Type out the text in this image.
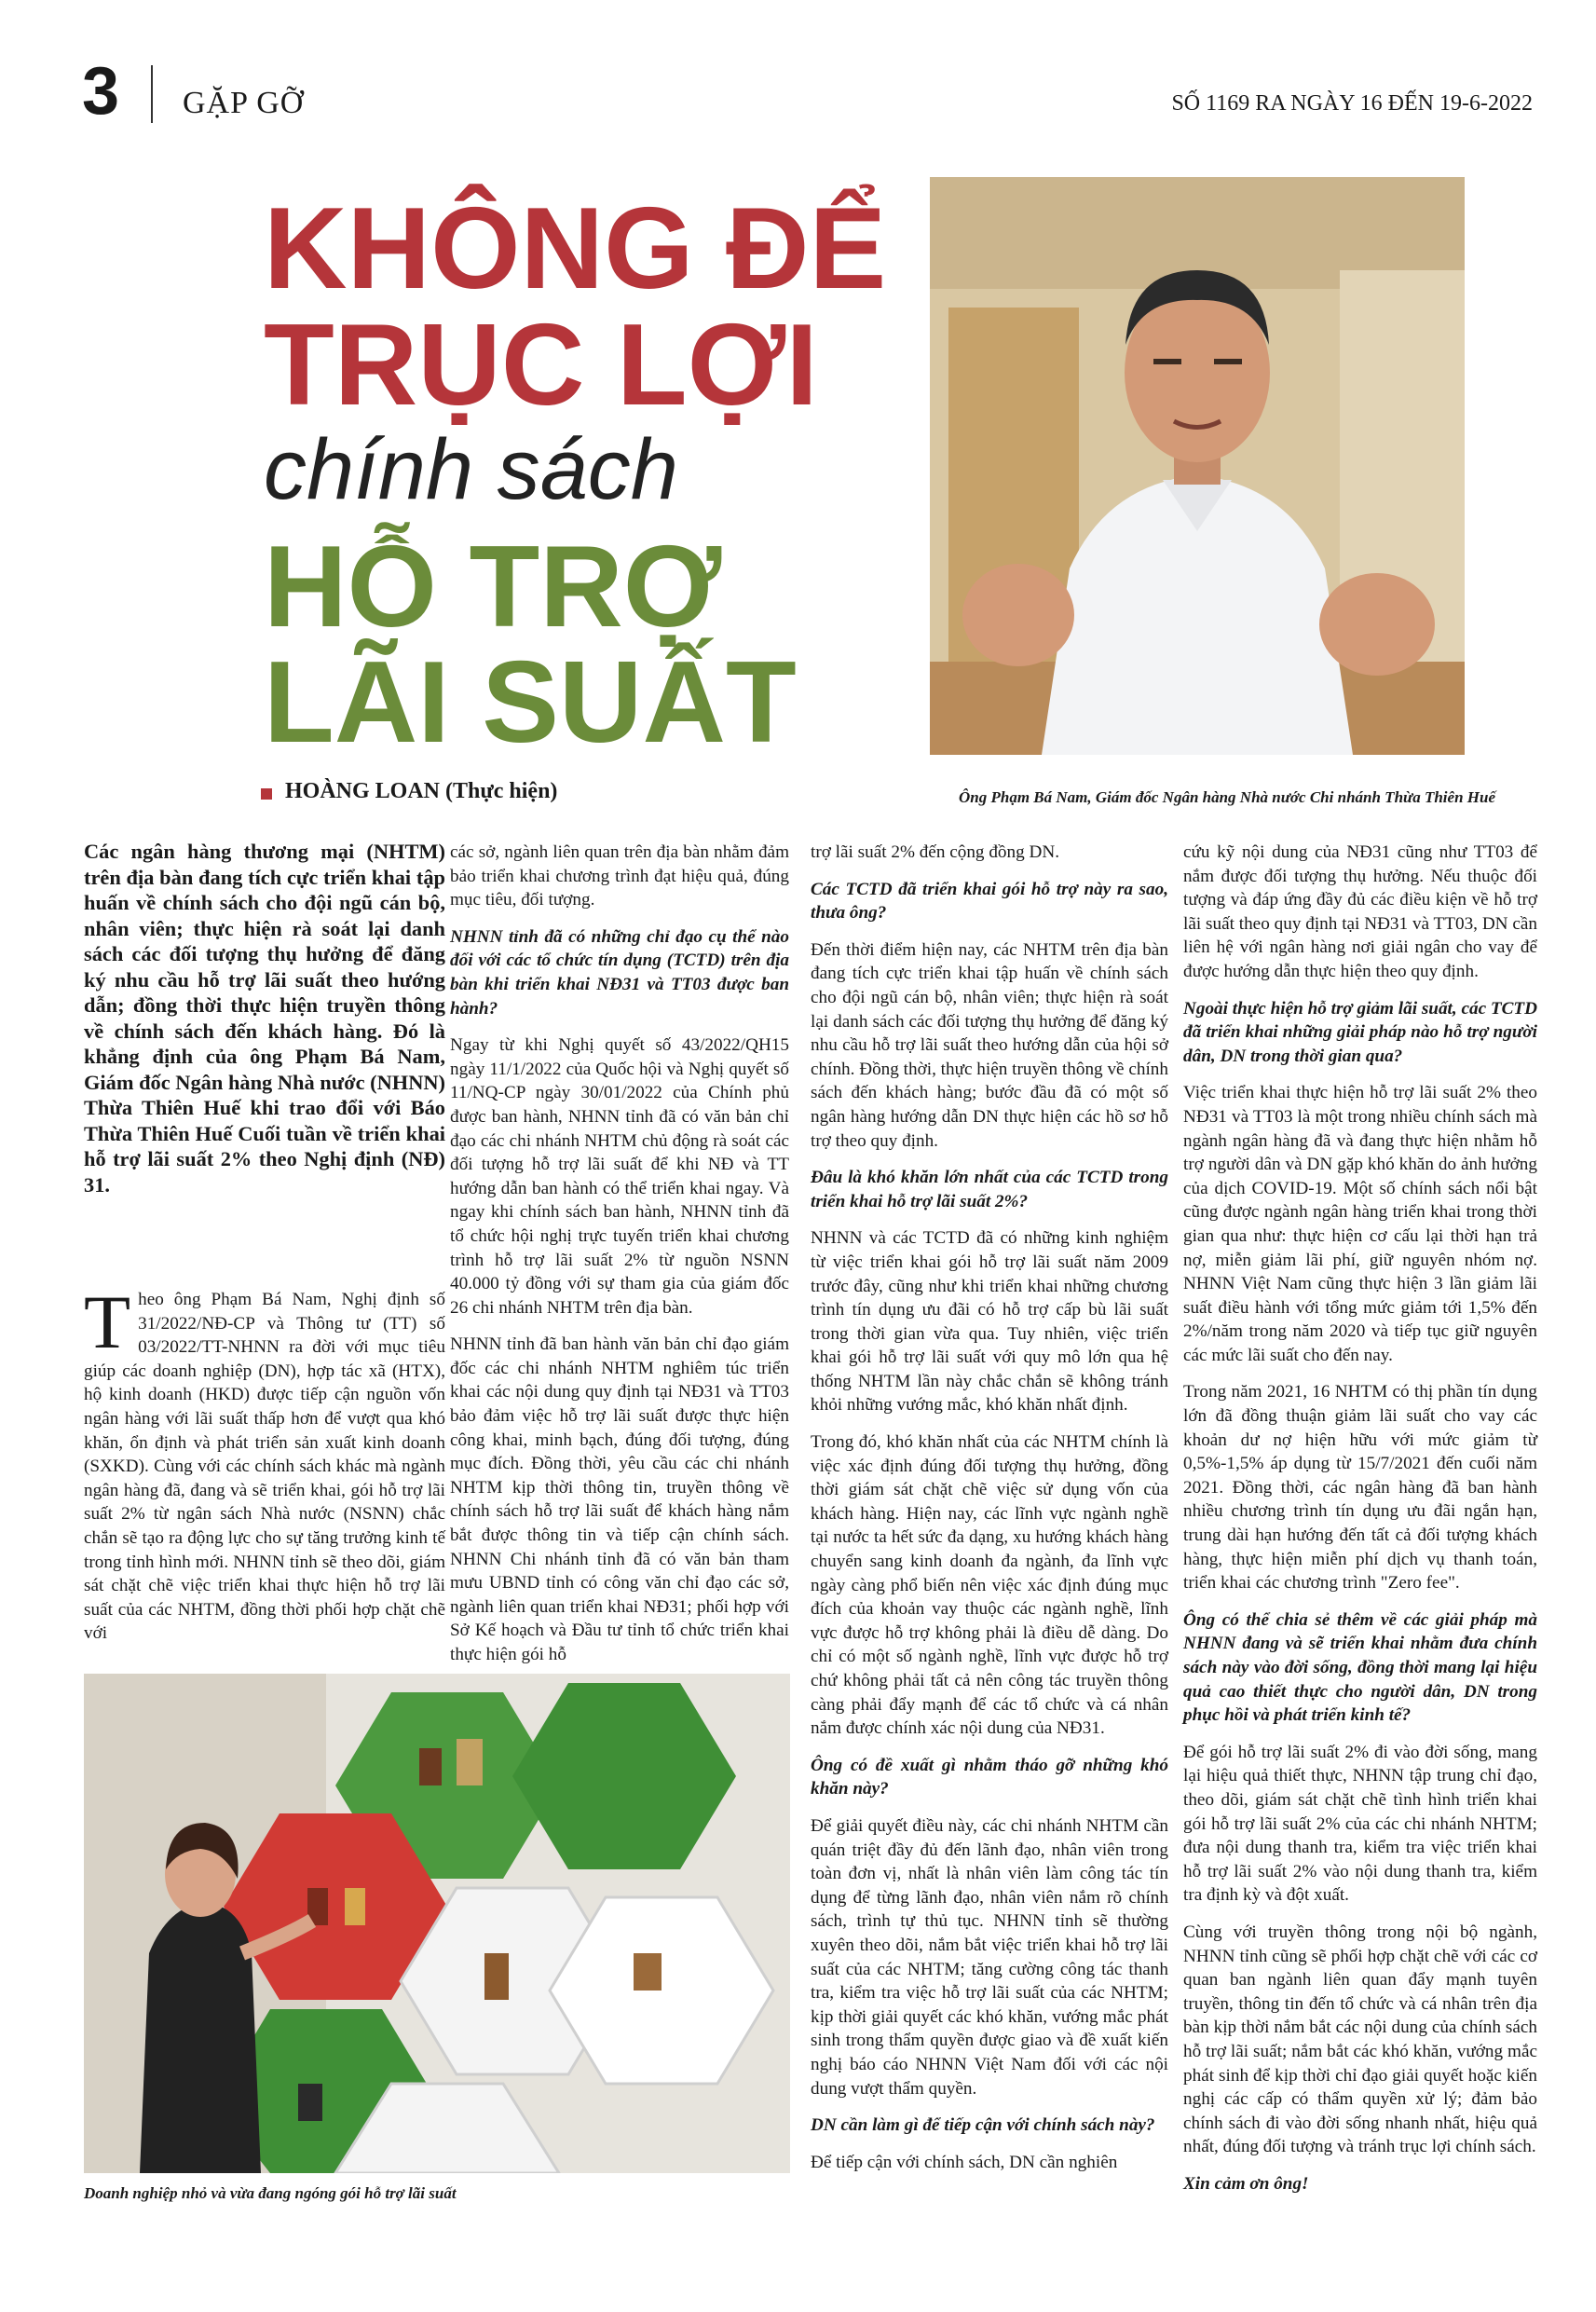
3 GẶP GỠ	SỐ 1169 RA NGÀY 16 ĐẾN 19-6-2022
KHÔNG ĐỂ
TRỤC LỢI
chính sách
HỖ TRỢ
LÃI SUẤT
HOÀNG LOAN (Thực hiện)	Ông Phạm Bá Nam, Giám đốc Ngân hàng Nhà nước Chi nhánh Thừa Thiên Huế
Các ngân hàng thương mại (NHTM) trên địa bàn đang tích cực triển khai tập huấn về chính sách cho đội ngũ cán bộ, nhân viên; thực hiện rà soát lại danh sách các đối tượng thụ hưởng để đăng ký nhu cầu hỗ trợ lãi suất theo hướng dẫn; đồng thời thực hiện truyền thông về chính sách đến khách hàng. Đó là khẳng định của ông Phạm Bá Nam, Giám đốc Ngân hàng Nhà nước (NHNN) Thừa Thiên Huế khi trao đổi với Báo Thừa Thiên Huế Cuối tuần về triển khai hỗ trợ lãi suất 2% theo Nghị định (NĐ) 31.

Theo ông Phạm Bá Nam, Nghị định số 31/2022/NĐ-CP và Thông tư (TT) số 03/2022/TT-NHNN ra đời với mục tiêu giúp các doanh nghiệp (DN), hợp tác xã (HTX), hộ kinh doanh (HKD) được tiếp cận nguồn vốn ngân hàng với lãi suất thấp hơn để vượt qua khó khăn, ổn định và phát triển sản xuất kinh doanh (SXKD). Cùng với các chính sách khác mà ngành ngân hàng đã, đang và sẽ triển khai, gói hỗ trợ lãi suất 2% từ ngân sách Nhà nước (NSNN) chắc chắn sẽ tạo ra động lực cho sự tăng trưởng kinh tế trong tỉnh hình mới. NHNN tỉnh sẽ theo dõi, giám sát chặt chẽ việc triển khai thực hiện hỗ trợ lãi suất của các NHTM, đồng thời phối hợp chặt chẽ với

các sở, ngành liên quan trên địa bàn nhằm đảm bảo triển khai chương trình đạt hiệu quả, đúng mục tiêu, đối tượng.

NHNN tỉnh đã có những chỉ đạo cụ thể nào đối với các tổ chức tín dụng (TCTD) trên địa bàn khi triển khai NĐ31 và TT03 được ban hành?

Ngay từ khi Nghị quyết số 43/2022/QH15 ngày 11/1/2022 của Quốc hội và Nghị quyết số 11/NQ-CP ngày 30/01/2022 của Chính phủ được ban hành, NHNN tỉnh đã có văn bản chỉ đạo các chi nhánh NHTM chủ động rà soát các đối tượng hỗ trợ lãi suất để khi NĐ và TT hướng dẫn ban hành có thể triển khai ngay. Và ngay khi chính sách ban hành, NHNN tỉnh đã tổ chức hội nghị trực tuyến triển khai chương trình hỗ trợ lãi suất 2% từ nguồn NSNN 40.000 tỷ đồng với sự tham gia của giám đốc 26 chi nhánh NHTM trên địa bàn.

NHNN tỉnh đã ban hành văn bản chỉ đạo giám đốc các chi nhánh NHTM nghiêm túc triển khai các nội dung quy định tại NĐ31 và TT03 bảo đảm việc hỗ trợ lãi suất được thực hiện công khai, minh bạch, đúng đối tượng, đúng mục đích. Đồng thời, yêu cầu các chi nhánh NHTM kịp thời thông tin, truyền thông về chính sách hỗ trợ lãi suất để khách hàng nắm bắt được thông tin và tiếp cận chính sách. NHNN Chi nhánh tỉnh đã có văn bản tham mưu UBND tỉnh có công văn chỉ đạo các sở, ngành liên quan triển khai NĐ31; phối hợp với Sở Kế hoạch và Đầu tư tỉnh tổ chức triển khai thực hiện gói hỗ

Doanh nghiệp nhỏ và vừa đang ngóng gói hỗ trợ lãi suất

trợ lãi suất 2% đến cộng đồng DN.

Các TCTD đã triển khai gói hỗ trợ này ra sao, thưa ông?

Đến thời điểm hiện nay, các NHTM trên địa bàn đang tích cực triển khai tập huấn về chính sách cho đội ngũ cán bộ, nhân viên; thực hiện rà soát lại danh sách các đối tượng thụ hưởng để đăng ký nhu cầu hỗ trợ lãi suất theo hướng dẫn của hội sở chính. Đồng thời, thực hiện truyền thông về chính sách đến khách hàng; bước đầu đã có một số ngân hàng hướng dẫn DN thực hiện các hồ sơ hỗ trợ theo quy định.

Đâu là khó khăn lớn nhất của các TCTD trong triển khai hỗ trợ lãi suất 2%?

NHNN và các TCTD đã có những kinh nghiệm từ việc triển khai gói hỗ trợ lãi suất năm 2009 trước đây, cũng như khi triển khai những chương trình tín dụng ưu đãi có hỗ trợ cấp bù lãi suất trong thời gian vừa qua. Tuy nhiên, việc triển khai gói hỗ trợ lãi suất với quy mô lớn qua hệ thống NHTM lần này chắc chắn sẽ không tránh khỏi những vướng mắc, khó khăn nhất định.

Trong đó, khó khăn nhất của các NHTM chính là việc xác định đúng đối tượng thụ hưởng, đồng thời giám sát chặt chẽ việc sử dụng vốn của khách hàng. Hiện nay, các lĩnh vực ngành nghề tại nước ta hết sức đa dạng, xu hướng khách hàng chuyển sang kinh doanh đa ngành, đa lĩnh vực ngày càng phổ biến nên việc xác định đúng mục đích của khoản vay thuộc các ngành nghề, lĩnh vực được hỗ trợ không phải là điều dễ dàng. Do chỉ có một số ngành nghề, lĩnh vực được hỗ trợ chứ không phải tất cả nên công tác truyền thông càng phải đẩy mạnh để các tổ chức và cá nhân nắm được chính xác nội dung của NĐ31.

Ông có đề xuất gì nhằm tháo gỡ những khó khăn này?

Để giải quyết điều này, các chi nhánh NHTM cần quán triệt đầy đủ đến lãnh đạo, nhân viên trong toàn đơn vị, nhất là nhân viên làm công tác tín dụng để từng lãnh đạo, nhân viên nắm rõ chính sách, trình tự thủ tục. NHNN tỉnh sẽ thường xuyên theo dõi, nắm bắt việc triển khai hỗ trợ lãi suất của các NHTM; tăng cường công tác thanh tra, kiểm tra việc hỗ trợ lãi suất của các NHTM; kịp thời giải quyết các khó khăn, vướng mắc phát sinh trong thẩm quyền được giao và đề xuất kiến nghị báo cáo NHNN Việt Nam đối với các nội dung vượt thẩm quyền.

DN cần làm gì để tiếp cận với chính sách này?

Để tiếp cận với chính sách, DN cần nghiên

cứu kỹ nội dung của NĐ31 cũng như TT03 để nắm được đối tượng thụ hưởng. Nếu thuộc đối tượng và đáp ứng đầy đủ các điều kiện về hỗ trợ lãi suất theo quy định tại NĐ31 và TT03, DN cần liên hệ với ngân hàng nơi giải ngân cho vay để được hướng dẫn thực hiện theo quy định.

Ngoài thực hiện hỗ trợ giảm lãi suất, các TCTD đã triển khai những giải pháp nào hỗ trợ người dân, DN trong thời gian qua?

Việc triển khai thực hiện hỗ trợ lãi suất 2% theo NĐ31 và TT03 là một trong nhiều chính sách mà ngành ngân hàng đã và đang thực hiện nhằm hỗ trợ người dân và DN gặp khó khăn do ảnh hưởng của dịch COVID-19. Một số chính sách nổi bật cũng được ngành ngân hàng triển khai trong thời gian qua như: thực hiện cơ cấu lại thời hạn trả nợ, miễn giảm lãi phí, giữ nguyên nhóm nợ. NHNN Việt Nam cũng thực hiện 3 lần giảm lãi suất điều hành với tổng mức giảm tới 1,5% đến 2%/năm trong năm 2020 và tiếp tục giữ nguyên các mức lãi suất cho đến nay.

Trong năm 2021, 16 NHTM có thị phần tín dụng lớn đã đồng thuận giảm lãi suất cho vay các khoản dư nợ hiện hữu với mức giảm từ 0,5%-1,5% áp dụng từ 15/7/2021 đến cuối năm 2021. Đồng thời, các ngân hàng đã ban hành nhiều chương trình tín dụng ưu đãi ngắn hạn, trung dài hạn hướng đến tất cả đối tượng khách hàng, thực hiện miễn phí dịch vụ thanh toán, triển khai các chương trình "Zero fee".

Ông có thể chia sẻ thêm về các giải pháp mà NHNN đang và sẽ triển khai nhằm đưa chính sách này vào đời sống, đồng thời mang lại hiệu quả cao thiết thực cho người dân, DN trong phục hồi và phát triển kinh tế?

Để gói hỗ trợ lãi suất 2% đi vào đời sống, mang lại hiệu quả thiết thực, NHNN tập trung chỉ đạo, theo dõi, giám sát chặt chẽ tình hình triển khai gói hỗ trợ lãi suất 2% của các chi nhánh NHTM; đưa nội dung thanh tra, kiểm tra việc triển khai hỗ trợ lãi suất 2% vào nội dung thanh tra, kiểm tra định kỳ và đột xuất.

Cùng với truyền thông trong nội bộ ngành, NHNN tỉnh cũng sẽ phối hợp chặt chẽ với các cơ quan ban ngành liên quan đẩy mạnh tuyên truyền, thông tin đến tổ chức và cá nhân trên địa bàn kịp thời nắm bắt các nội dung của chính sách hỗ trợ lãi suất; nắm bắt các khó khăn, vướng mắc phát sinh để kịp thời chỉ đạo giải quyết hoặc kiến nghị các cấp có thẩm quyền xử lý; đảm bảo chính sách đi vào đời sống nhanh nhất, hiệu quả nhất, đúng đối tượng và tránh trục lợi chính sách.

Xin cảm ơn ông!
